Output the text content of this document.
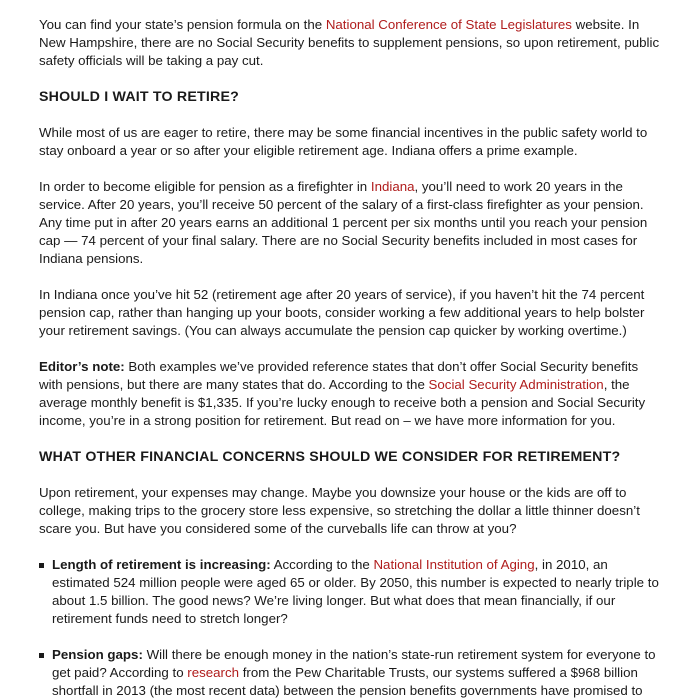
You can find your state’s pension formula on the National Conference of State Legislatures website. In New Hampshire, there are no Social Security benefits to supplement pensions, so upon retirement, public safety officials will be taking a pay cut.

SHOULD I WAIT TO RETIRE?

While most of us are eager to retire, there may be some financial incentives in the public safety world to stay onboard a year or so after your eligible retirement age. Indiana offers a prime example.

In order to become eligible for pension as a firefighter in Indiana, you’ll need to work 20 years in the service. After 20 years, you’ll receive 50 percent of the salary of a first-class firefighter as your pension. Any time put in after 20 years earns an additional 1 percent per six months until you reach your pension cap — 74 percent of your final salary. There are no Social Security benefits included in most cases for Indiana pensions.

In Indiana once you’ve hit 52 (retirement age after 20 years of service), if you haven’t hit the 74 percent pension cap, rather than hanging up your boots, consider working a few additional years to help bolster your retirement savings. (You can always accumulate the pension cap quicker by working overtime.)

Editor’s note: Both examples we’ve provided reference states that don’t offer Social Security benefits with pensions, but there are many states that do. According to the Social Security Administration, the average monthly benefit is $1,335. If you’re lucky enough to receive both a pension and Social Security income, you’re in a strong position for retirement. But read on – we have more information for you.

WHAT OTHER FINANCIAL CONCERNS SHOULD WE CONSIDER FOR RETIREMENT?

Upon retirement, your expenses may change. Maybe you downsize your house or the kids are off to college, making trips to the grocery store less expensive, so stretching the dollar a little thinner doesn’t scare you. But have you considered some of the curveballs life can throw at you?

Length of retirement is increasing: According to the National Institution of Aging, in 2010, an estimated 524 million people were aged 65 or older. By 2050, this number is expected to nearly triple to about 1.5 billion. The good news? We’re living longer. But what does that mean financially, if our retirement funds need to stretch longer?
Pension gaps: Will there be enough money in the nation’s state-run retirement system for everyone to get paid? According to research from the Pew Charitable Trusts, our systems suffered a $968 billion shortfall in 2013 (the most recent data) between the pension benefits governments have promised to
